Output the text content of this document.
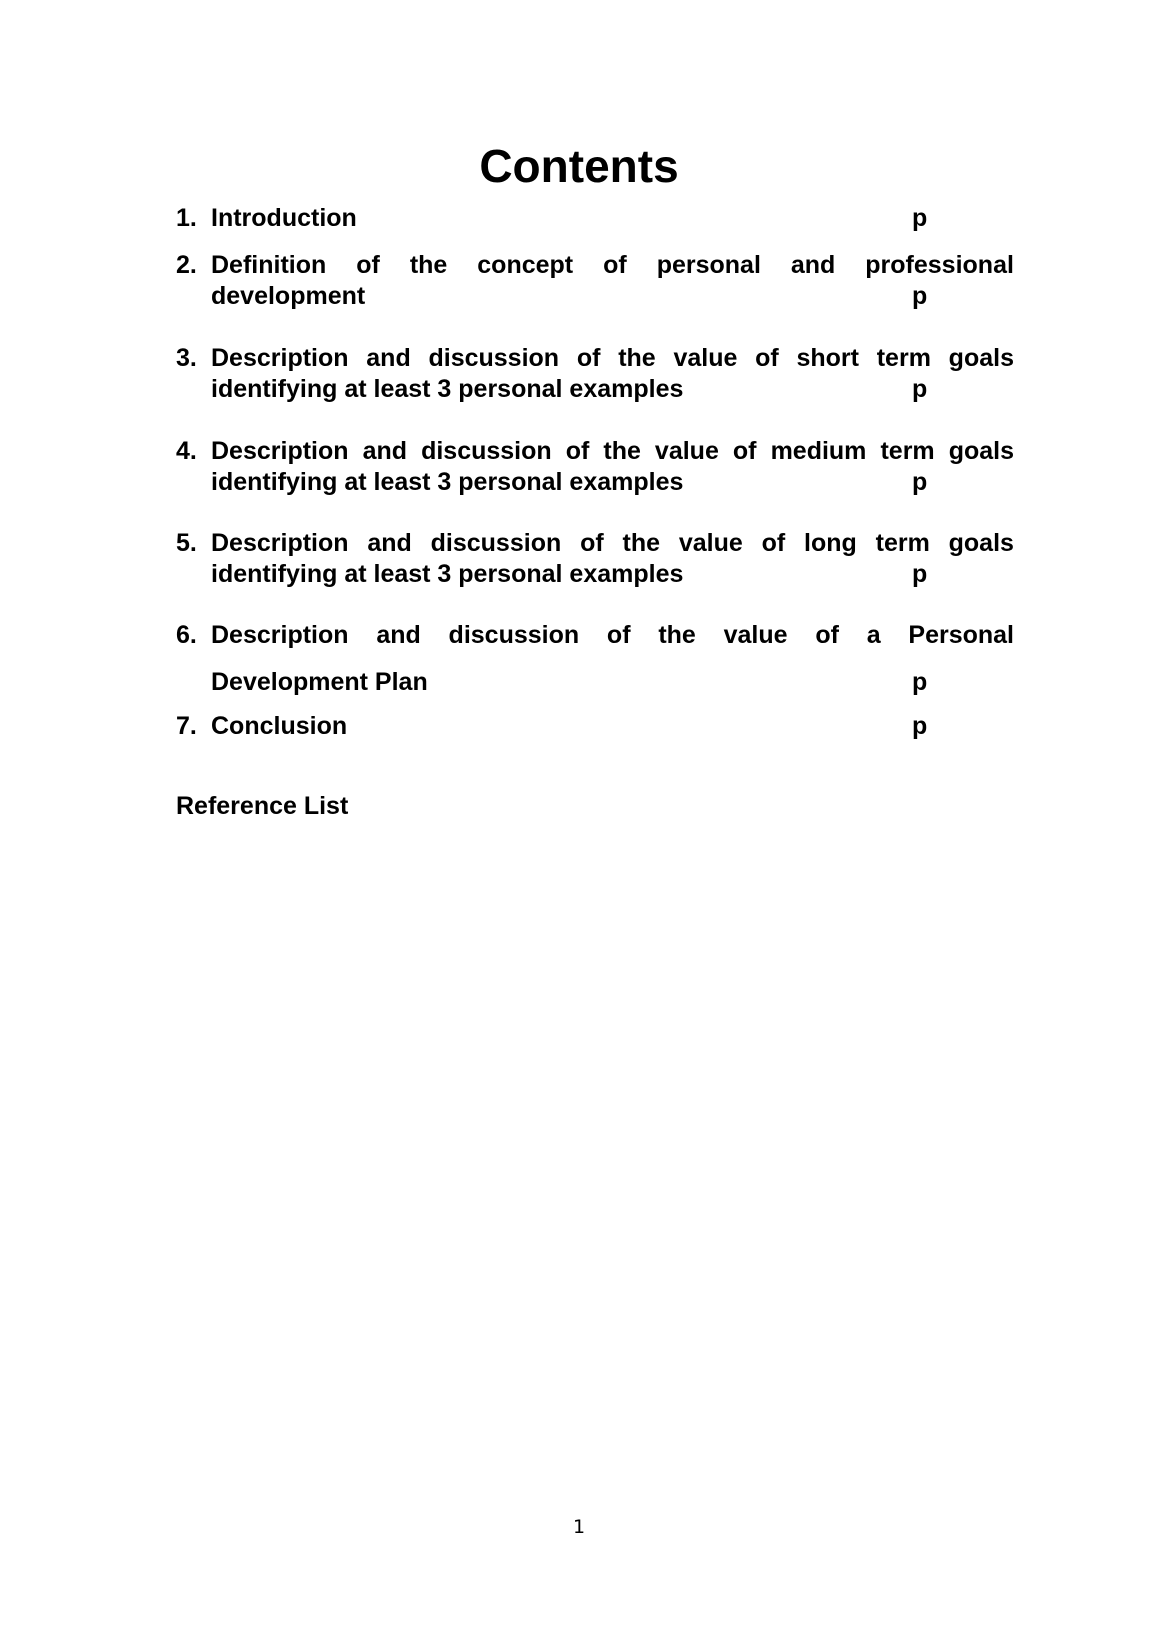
Contents
1. Introduction	p
2. Definition of the concept of personal and professional
development	p
3. Description and discussion of the value of short term goals
identifying at least 3 personal examples	p
4. Description and discussion of the value of medium term goals
identifying at least 3 personal examples	p
5. Description and discussion of the value of long term goals
identifying at least 3 personal examples	p
6. Description and discussion of the value of a Personal
Development Plan	p
7. Conclusion	p
Reference List
1
